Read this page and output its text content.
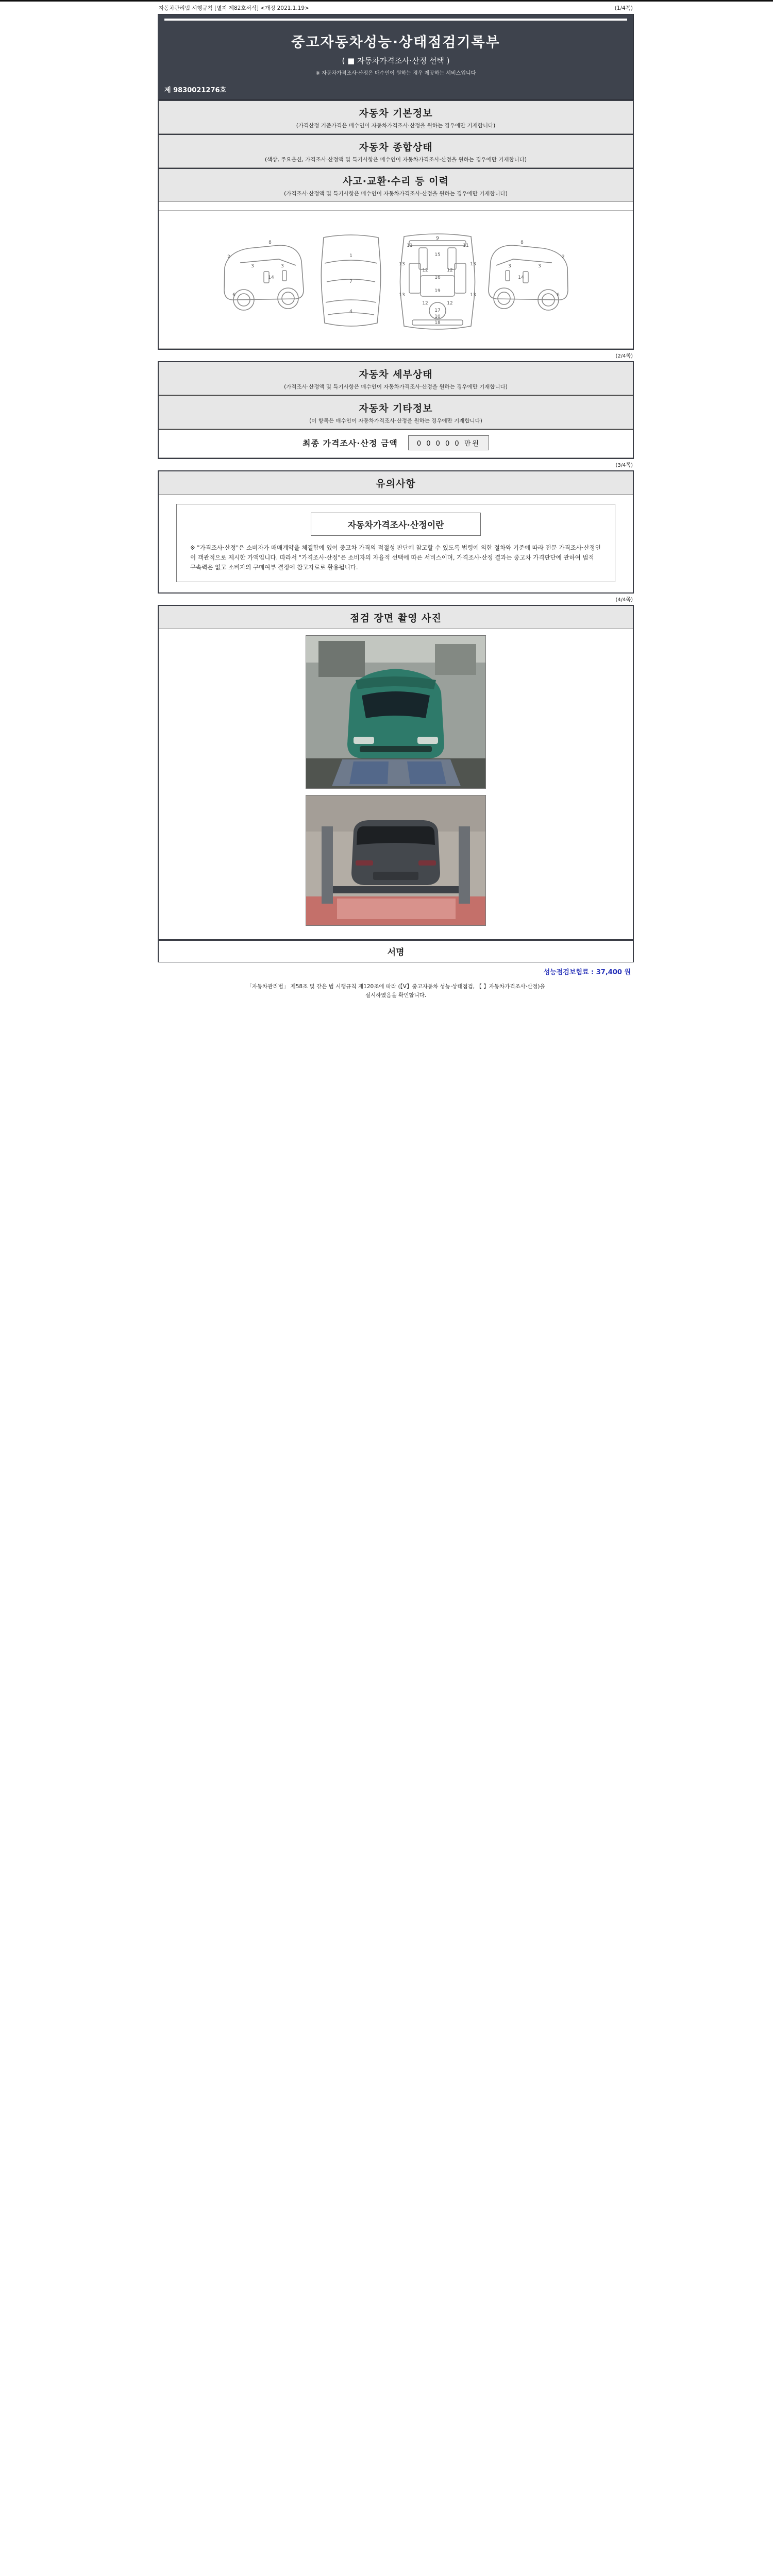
자동차관리법 시행규칙 [별지 제82호서식] <개정 2021.1.19>	(1/4쪽)
중고자동차성능·상태점검기록부
( ■ 자동차가격조사·산정 선택 )
※ 자동차가격조사·산정은 매수인이 원하는 경우 제공하는 서비스입니다
제 9830021276호
자동차 기본정보
(가격산정 기준가격은 매수인이 자동차가격조사·산정을 원하는 경우에만 기재합니다)
자동차 종합상태
(색상, 주요옵션, 가격조사·산정액 및 특기사항은 매수인이 자동차가격조사·산정을 원하는 경우에만 기재합니다)
사고·교환·수리 등 이력
(가격조사·산정액 및 특기사항은 매수인이 자동차가격조사·산정을 원하는 경우에만 기재합니다)
2
8
3
14
3
6
1
7
4
9
11	11
13	13
12	12
15
16
19
13	13
12	12
17
18
10
2
8
3
14
3
6
(2/4쪽)
자동차 세부상태
(가격조사·산정액 및 특기사항은 매수인이 자동차가격조사·산정을 원하는 경우에만 기재합니다)
자동차 기타정보
(이 항목은 매수인이 자동차가격조사·산정을 원하는 경우에만 기재합니다)
최종 가격조사·산정 금액	0 0 0 0 0 만원
(3/4쪽)
유의사항
자동차가격조사·산정이란
※ "가격조사·산정"은 소비자가 매매계약을 체결함에 있어 중고차 가격의 적절성 판단에 참고할 수 있도록 법령에 의한 절차와 기준에 따라 전문 가격조사·산정인이 객관적으로 제시한 가액입니다. 따라서 "가격조사·산정"은 소비자의 자율적 선택에 따른 서비스이며, 가격조사·산정 결과는 중고차 가격판단에 관하여 법적 구속력은 없고 소비자의 구매여부 결정에 참고자료로 활용됩니다.
(4/4쪽)
점검 장면 촬영 사진
서명
성능점검보험료 : 37,400 원
「자동차관리법」 제58조 및 같은 법 시행규칙 제120조에 따라 (【V】중고자동차 성능·상태점검, 【 】자동차가격조사·산정)을
실시하였음을 확인합니다.
